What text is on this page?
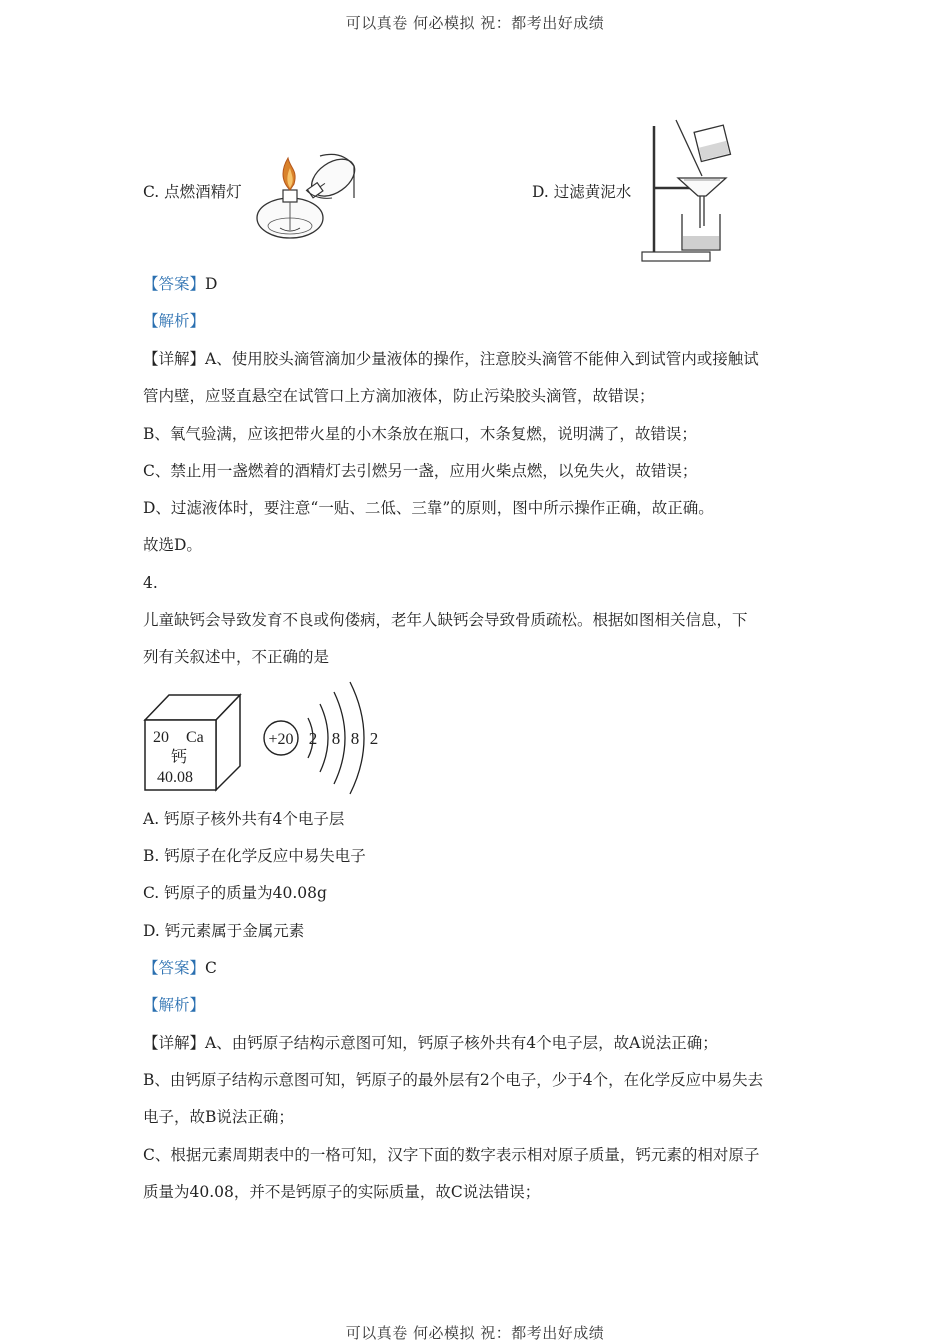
可以真卷 何必模拟 祝：都考出好成绩
C. 点燃酒精灯	D. 过滤黄泥水
【答案】D
【解析】
【详解】A、使用胶头滴管滴加少量液体的操作，注意胶头滴管不能伸入到试管内或接触试
管内壁，应竖直悬空在试管口上方滴加液体，防止污染胶头滴管，故错误；
B、氧气验满，应该把带火星的小木条放在瓶口，木条复燃，说明满了，故错误；
C、禁止用一盏燃着的酒精灯去引燃另一盏，应用火柴点燃，以免失火，故错误；
D、过滤液体时，要注意“一贴、二低、三靠”的原则，图中所示操作正确，故正确。
故选D。
4.
儿童缺钙会导致发育不良或佝偻病，老年人缺钙会导致骨质疏松。根据如图相关信息，下
列有关叙述中，不正确的是
20 Ca
钙
40.08
+20 2 8 8 2
A. 钙原子核外共有4个电子层
B. 钙原子在化学反应中易失电子
C. 钙原子的质量为40.08g
D. 钙元素属于金属元素
【答案】C
【解析】
【详解】A、由钙原子结构示意图可知，钙原子核外共有4个电子层，故A说法正确；
B、由钙原子结构示意图可知，钙原子的最外层有2个电子，少于4个，在化学反应中易失去
电子，故B说法正确；
C、根据元素周期表中的一格可知，汉字下面的数字表示相对原子质量，钙元素的相对原子
质量为40.08，并不是钙原子的实际质量，故C说法错误；
可以真卷 何必模拟 祝：都考出好成绩
